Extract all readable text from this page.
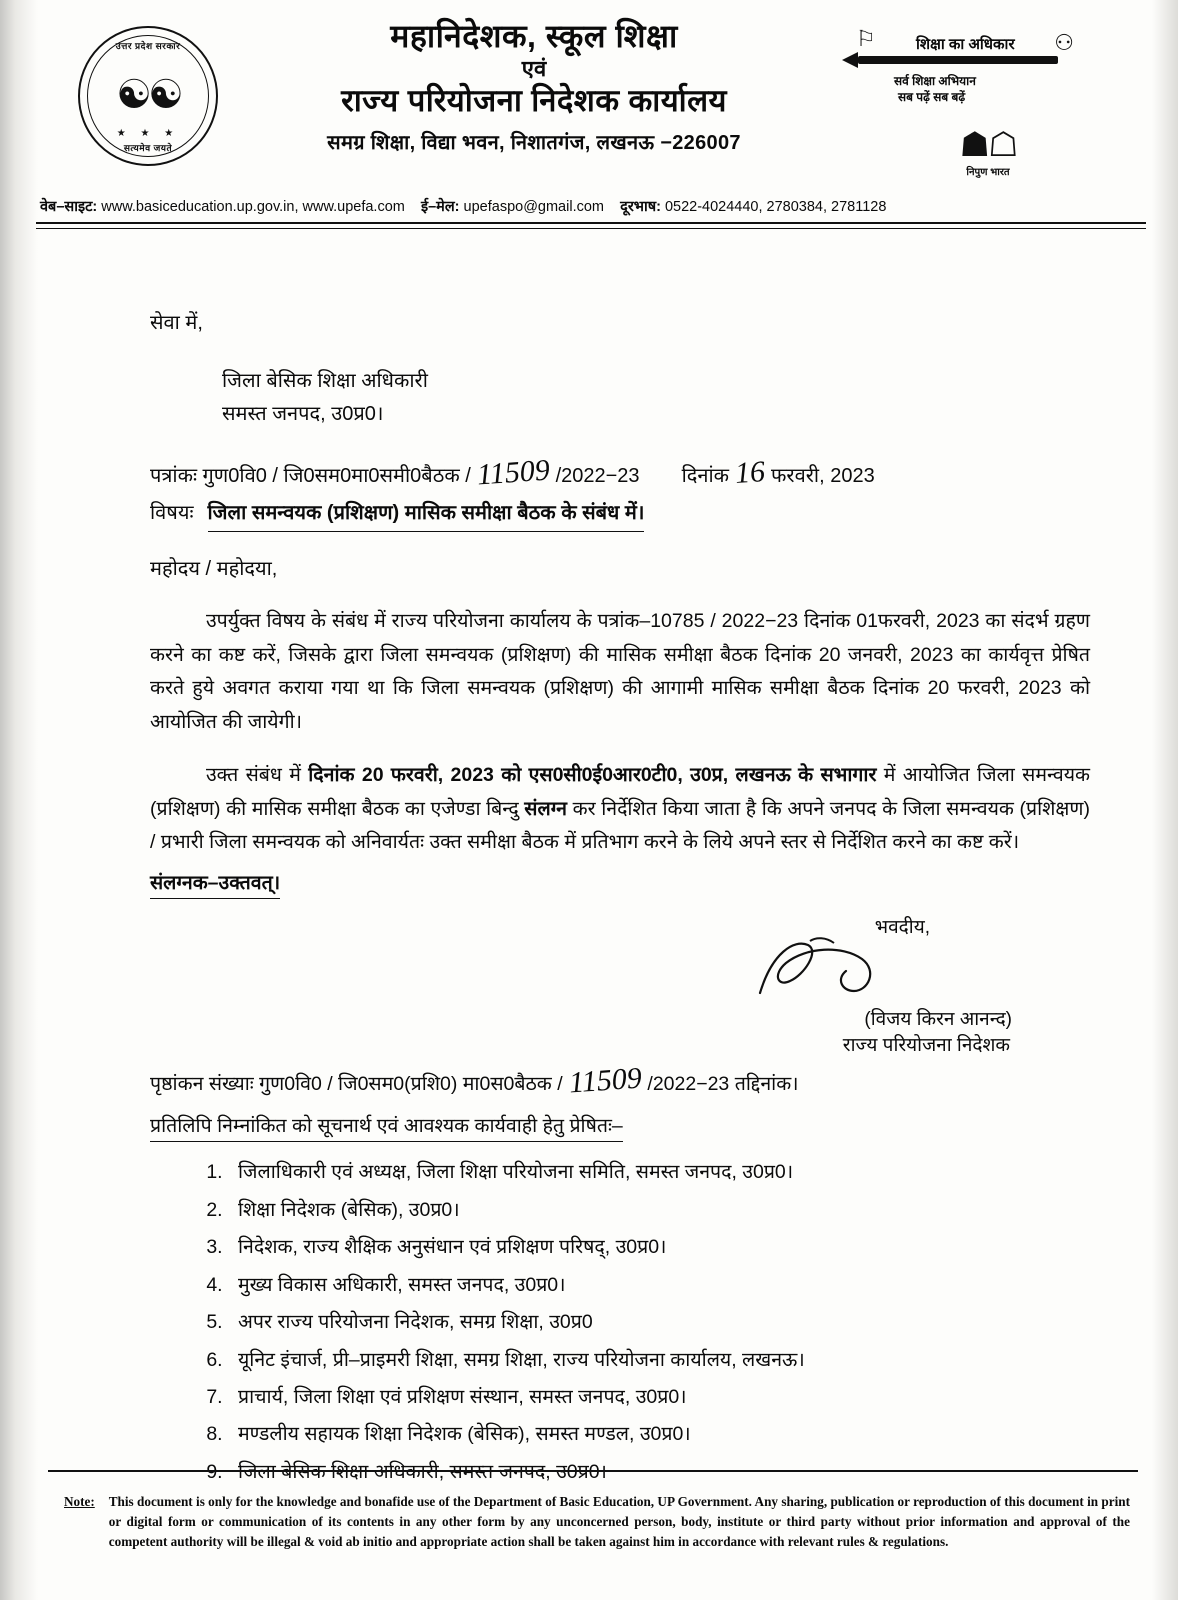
उत्तर प्रदेश सरकार
☯☯
★ ★ ★
सत्यमेव जयते
महानिदेशक, स्कूल शिक्षा
एवं
राज्य परियोजना निदेशक कार्यालय
समग्र शिक्षा, विद्या भवन, निशातगंज, लखनऊ −226007
⚐	⚇
शिक्षा का अधिकार
सर्व शिक्षा अभियान
सब पढ़ें सब बढ़ें
☗☖
निपुण भारत
वेब–साइट: www.basiceducation.up.gov.in, www.upefa.com ई–मेल: upefaspo@gmail.com दूरभाष: 0522-4024440, 2780384, 2781128
सेवा में,
जिला बेसिक शिक्षा अधिकारी
समस्त जनपद, उ0प्र0।
पत्रांकः
गुण0वि0 / जि0सम0मा0समी0बैठक / 11509 /2022−23 दिनांक 16 फरवरी, 2023
विषयः जिला समन्वयक (प्रशिक्षण) मासिक समीक्षा बैठक के संबंध में।
महोदय / महोदया,

उपर्युक्त विषय के संबंध में राज्य परियोजना कार्यालय के पत्रांक–10785 / 2022−23 दिनांक 01फरवरी, 2023 का संदर्भ ग्रहण करने का कष्ट करें, जिसके द्वारा जिला समन्वयक (प्रशिक्षण) की मासिक समीक्षा बैठक दिनांक 20 जनवरी, 2023 का कार्यवृत्त प्रेषित करते हुये अवगत कराया गया था कि जिला समन्वयक (प्रशिक्षण) की आगामी मासिक समीक्षा बैठक दिनांक 20 फरवरी, 2023 को आयोजित की जायेगी।

उक्त संबंध में दिनांक 20 फरवरी, 2023 को एस0सी0ई0आर0टी0, उ0प्र, लखनऊ के सभागार में आयोजित जिला समन्वयक (प्रशिक्षण) की मासिक समीक्षा बैठक का एजेण्डा बिन्दु संलग्न कर निर्देशित किया जाता है कि अपने जनपद के जिला समन्वयक (प्रशिक्षण) / प्रभारी जिला समन्वयक को अनिवार्यतः उक्त समीक्षा बैठक में प्रतिभाग करने के लिये अपने स्तर से निर्देशित करने का कष्ट करें।

संलग्नक–उक्तवत्।
भवदीय,
(विजय किरन आनन्द)
राज्य परियोजना निदेशक
पृष्ठांकन संख्याः
गुण0वि0 / जि0सम0(प्रशि0) मा0स0बैठक / 11509 /2022−23
तद्दिनांक।
प्रतिलिपि निम्नांकित को सूचनार्थ एवं आवश्यक कार्यवाही हेतु प्रेषितः–
1. जिलाधिकारी एवं अध्यक्ष, जिला शिक्षा परियोजना समिति, समस्त जनपद, उ0प्र0।
2. शिक्षा निदेशक (बेसिक), उ0प्र0।
3. निदेशक, राज्य शैक्षिक अनुसंधान एवं प्रशिक्षण परिषद्, उ0प्र0।
4. मुख्य विकास अधिकारी, समस्त जनपद, उ0प्र0।
5. अपर राज्य परियोजना निदेशक, समग्र शिक्षा, उ0प्र0
6. यूनिट इंचार्ज, प्री–प्राइमरी शिक्षा, समग्र शिक्षा, राज्य परियोजना कार्यालय, लखनऊ।
7. प्राचार्य, जिला शिक्षा एवं प्रशिक्षण संस्थान, समस्त जनपद, उ0प्र0।
8. मण्डलीय सहायक शिक्षा निदेशक (बेसिक), समस्त मण्डल, उ0प्र0।
9. जिला बेसिक शिक्षा अधिकारी, समस्त जनपद, उ0प्र0।
Note: This document is only for the knowledge and bonafide use of the Department of Basic Education, UP Government. Any sharing, publication or reproduction of this document in print or digital form or communication of its contents in any other form by any unconcerned person, body, institute or third party without prior information and approval of the competent authority will be illegal & void ab initio and appropriate action shall be taken against him in accordance with relevant rules & regulations.
